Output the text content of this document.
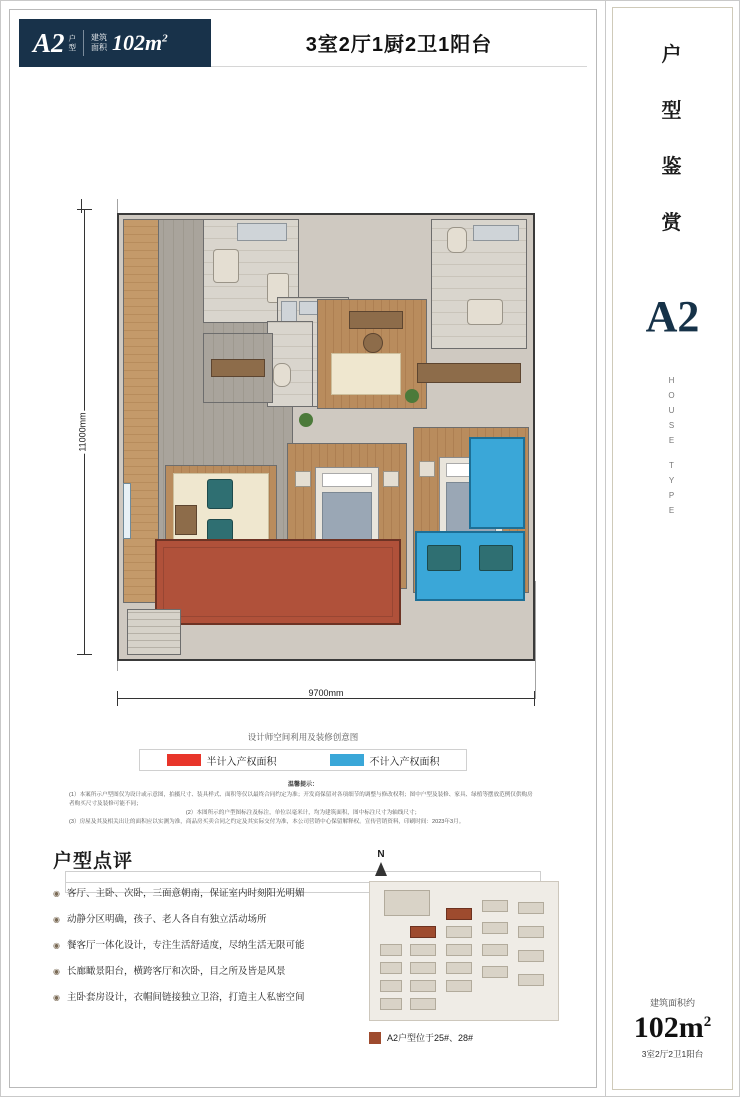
A2 户
型
建筑
面积 $102m^2$	3室2厅1厨2卫1阳台
11000mm
9700mm
设计师空间利用及装修创意图
半计入产权面积	不计入产权面积
温馨提示：
(1）本案所示户型图仅为设计或示意图，拍摄尺寸、装具样式、面积等仅以最终合同约定为准；开发商保留对各项细节的调整与修改权利；图中户型及装修、家具、绿植等摆放范例仅供购房者购买尺寸及装修可能不同；
(2）本图所示的户型图标注及标注，单位以毫米计，均为建筑面积，图中标注尺寸为轴线尺寸；
(3）房屋及其及相关出让的面积应以实测为准，商品房买卖合同之约定及其实际交付为准，本公司营销中心保留解释权。宣传营销资料，印刷时间：2023年3月。
户型点评
◉ 客厅、主卧、次卧，三面意朝南，保证室内时刻阳光明媚
◉ 动静分区明确，孩子、老人各自有独立活动场所
◉ 餐客厅一体化设计，专注生活舒适度，尽纳生活无限可能
◉ 长廊瞰景阳台，横跨客厅和次卧，目之所及皆是风景
◉ 主卧套房设计，衣帽间链接独立卫浴，打造主人私密空间
N
A2户型位于25#、28#
户
型
鉴
赏
A2
H
O
U
S
E
T
Y
P
E
建筑面积约
$102m^2$
3室2厅2卫1阳台
